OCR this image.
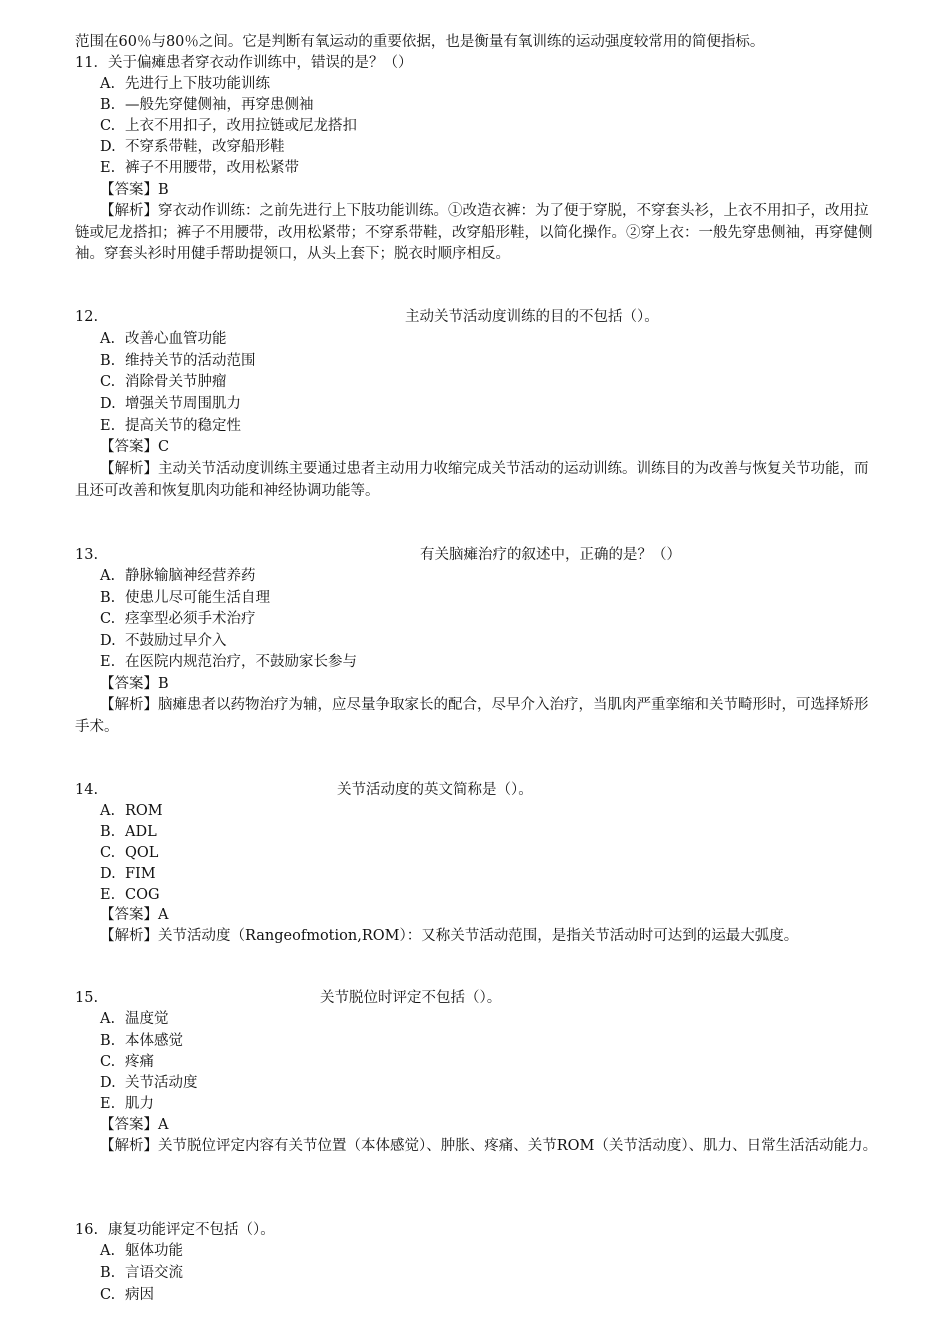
范围在60％与80％之间。它是判断有氧运动的重要依据，也是衡量有氧训练的运动强度较常用的简便指标。
11．关于偏瘫患者穿衣动作训练中，错误的是？（）
A. 先进行上下肢功能训练
B. —般先穿健侧袖，再穿患侧袖
C. 上衣不用扣子，改用拉链或尼龙搭扣
D. 不穿系带鞋，改穿船形鞋
E. 裤子不用腰带，改用松紧带
【答案】B
【解析】穿衣动作训练：之前先进行上下肢功能训练。①改造衣裤：为了便于穿脱，不穿套头衫，上衣不用扣子，改用拉链或尼龙搭扣；裤子不用腰带，改用松紧带；不穿系带鞋，改穿船形鞋，以简化操作。②穿上衣：一般先穿患侧袖，再穿健侧袖。穿套头衫时用健手帮助提领口，从头上套下；脱衣时顺序相反。
12.	主动关节活动度训练的目的不包括（）。
A. 改善心血管功能
B. 维持关节的活动范围
C. 消除骨关节肿瘤
D. 增强关节周围肌力
E. 提高关节的稳定性
【答案】C
【解析】主动关节活动度训练主要通过患者主动用力收缩完成关节活动的运动训练。训练目的为改善与恢复关节功能，而且还可改善和恢复肌肉功能和神经协调功能等。
13.	有关脑瘫治疗的叙述中，正确的是？（）
A. 静脉输脑神经营养药
B. 使患儿尽可能生活自理
C. 痉挛型必须手术治疗
D. 不鼓励过早介入
E. 在医院内规范治疗，不鼓励家长参与
【答案】B
【解析】脑瘫患者以药物治疗为辅，应尽量争取家长的配合，尽早介入治疗，当肌肉严重挛缩和关节畸形时，可选择矫形手术。
14.	关节活动度的英文简称是（）。
A. ROM
B. ADL
C. QOL
D. FIM
E. COG
【答案】A
【解析】关节活动度（Rangeofmotion,ROM）：又称关节活动范围，是指关节活动时可达到的运最大弧度。
15.	关节脱位时评定不包括（）。
A. 温度觉
B. 本体感觉
C. 疼痛
D. 关节活动度
E. 肌力
【答案】A
【解析】关节脱位评定内容有关节位置（本体感觉）、肿胀、疼痛、关节ROM（关节活动度）、肌力、日常生活活动能力。
16. 康复功能评定不包括（）。
A. 躯体功能
B. 言语交流
C. 病因
